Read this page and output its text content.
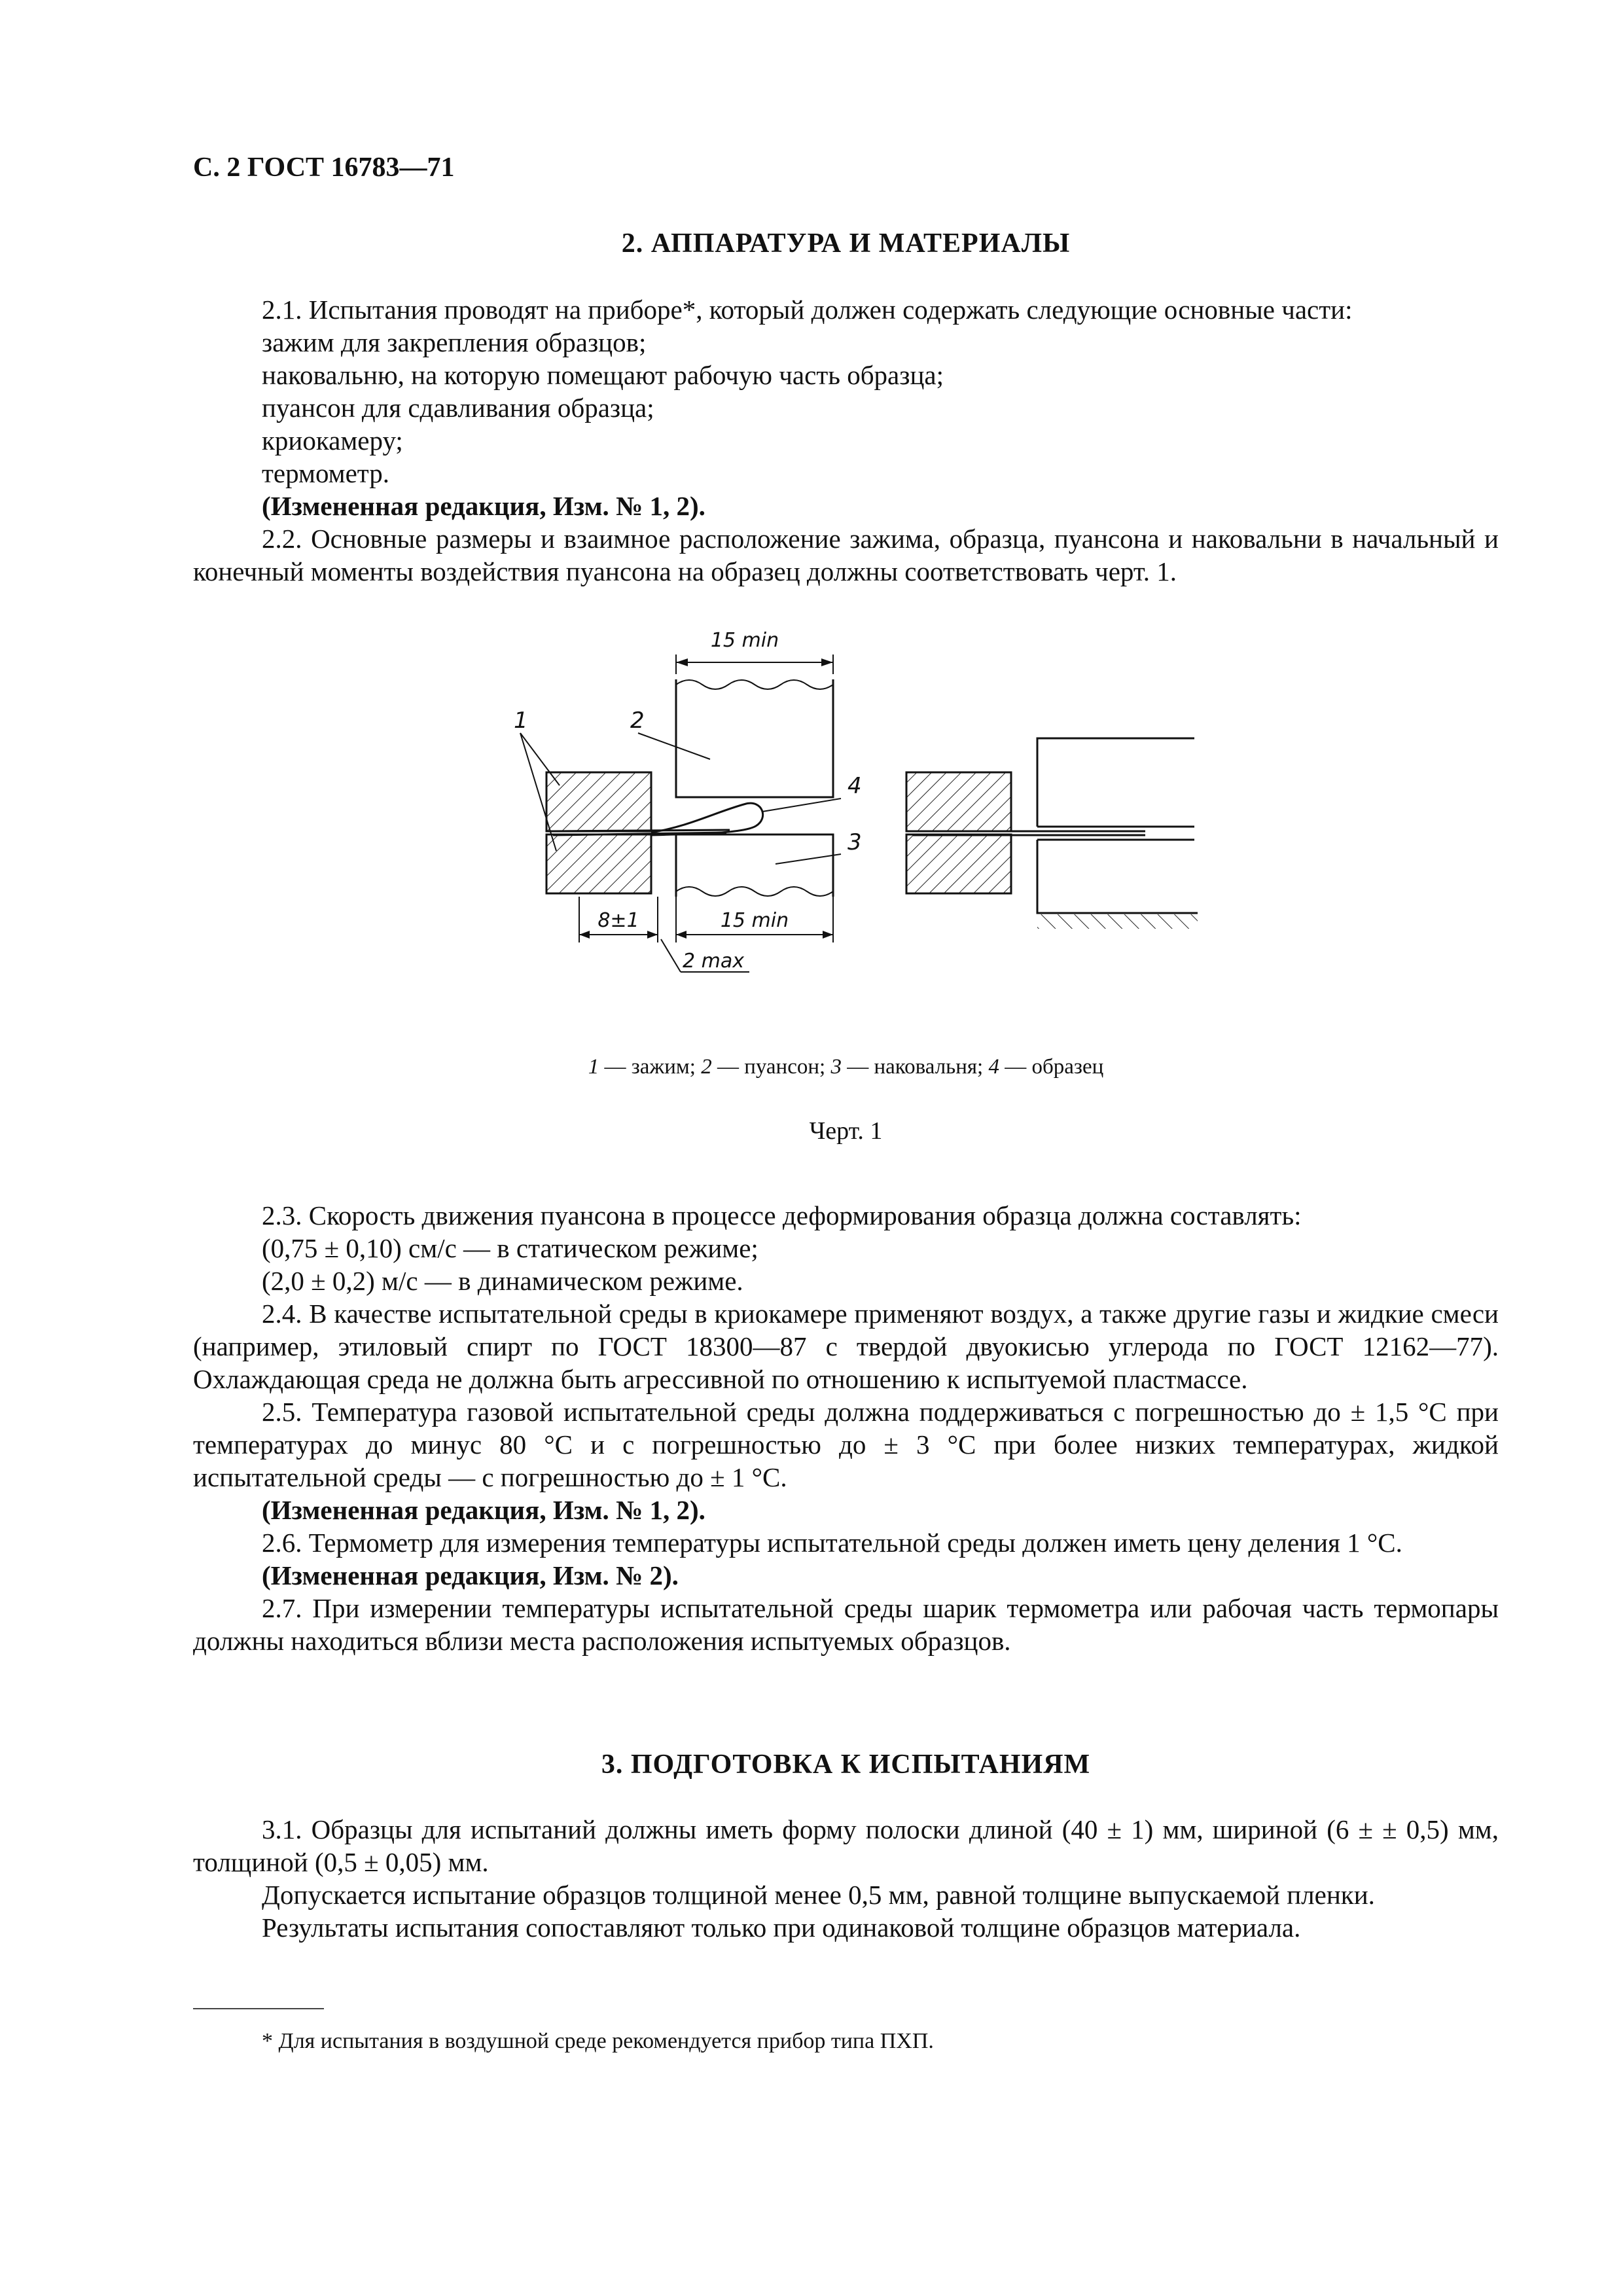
С. 2 ГОСТ 16783—71
2. АППАРАТУРА И МАТЕРИАЛЫ

2.1. Испытания проводят на приборе*, который должен содержать следующие основные части:

зажим для закрепления образцов;

наковальню, на которую помещают рабочую часть образца;

пуансон для сдавливания образца;

криокамеру;

термометр.

(Измененная редакция, Изм. № 1, 2).

2.2. Основные размеры и взаимное расположение зажима, образца, пуансона и наковальни в начальный и конечный моменты воздействия пуансона на образец должны соответствовать черт. 1.

15 min
8±1	15 min
2 max
1	2
4
3
1 — зажим; 2 — пуансон; 3 — наковальня; 4 — образец
Черт. 1

2.3. Скорость движения пуансона в процессе деформирования образца должна составлять:

(0,75 ± 0,10) см/с — в статическом режиме;

(2,0 ± 0,2) м/с — в динамическом режиме.

2.4. В качестве испытательной среды в криокамере применяют воздух, а также другие газы и жидкие смеси (например, этиловый спирт по ГОСТ 18300—87 с твердой двуокисью углерода по ГОСТ 12162—77). Охлаждающая среда не должна быть агрессивной по отношению к испытуемой пластмассе.

2.5. Температура газовой испытательной среды должна поддерживаться с погрешностью до ± 1,5 °С при температурах до минус 80 °С и с погрешностью до ± 3 °С при более низких температурах, жидкой испытательной среды — с погрешностью до ± 1 °С.

(Измененная редакция, Изм. № 1, 2).

2.6. Термометр для измерения температуры испытательной среды должен иметь цену деления 1 °С.

(Измененная редакция, Изм. № 2).

2.7. При измерении температуры испытательной среды шарик термометра или рабочая часть термопары должны находиться вблизи места расположения испытуемых образцов.

3. ПОДГОТОВКА К ИСПЫТАНИЯМ

3.1. Образцы для испытаний должны иметь форму полоски длиной (40 ± 1) мм, шириной (6 ± ± 0,5) мм, толщиной (0,5 ± 0,05) мм.

Допускается испытание образцов толщиной менее 0,5 мм, равной толщине выпускаемой пленки.

Результаты испытания сопоставляют только при одинаковой толщине образцов материала.

* Для испытания в воздушной среде рекомендуется прибор типа ПХП.
